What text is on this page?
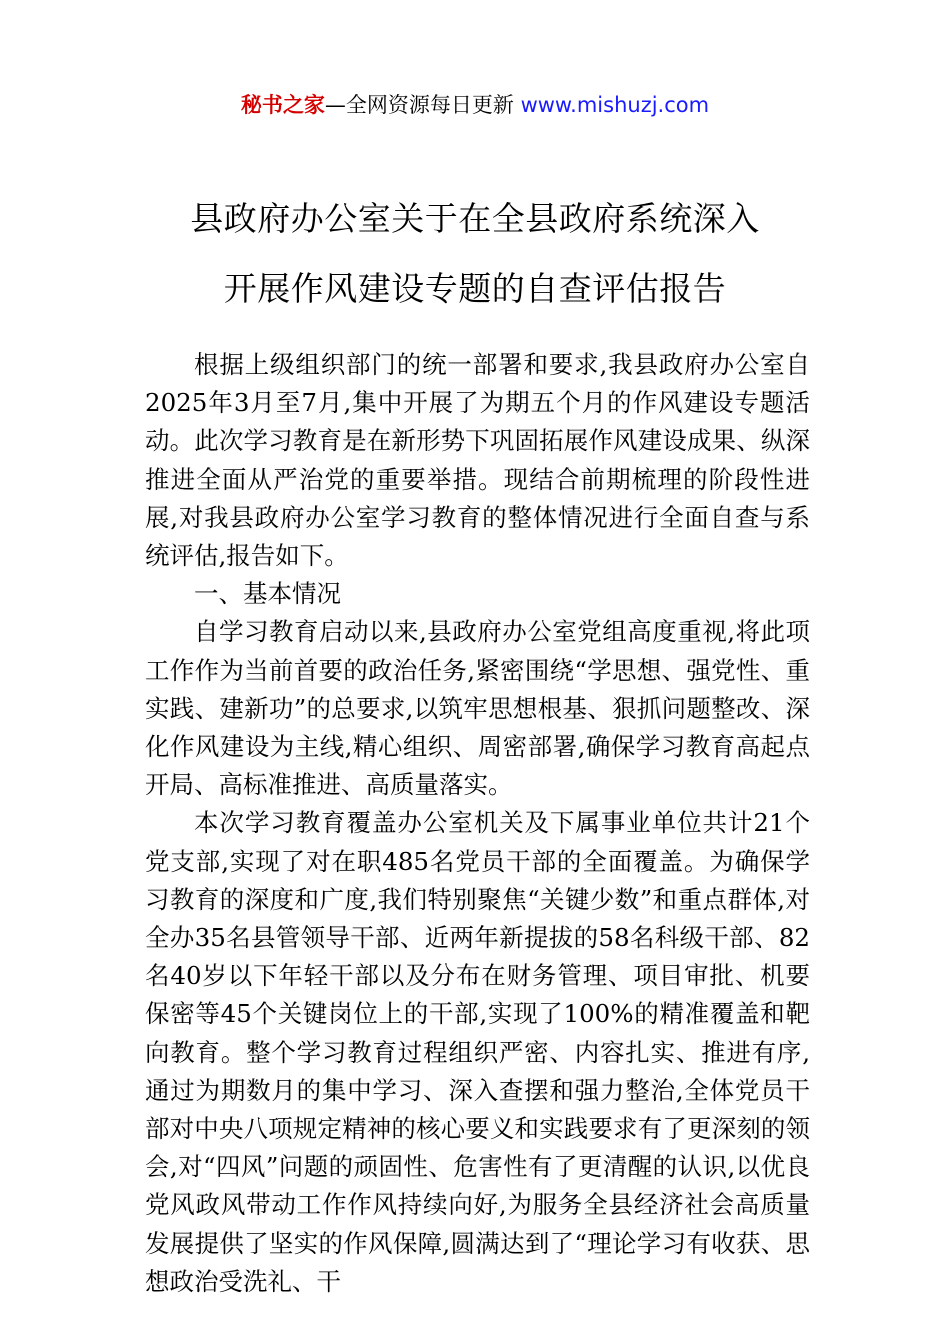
秘书之家—全网资源每日更新 www.mishuzj.com
县政府办公室关于在全县政府系统深入
开展作风建设专题的自查评估报告

根据上级组织部门的统一部署和要求,我县政府办公室自2025年3月至7月,集中开展了为期五个月的作风建设专题活动。此次学习教育是在新形势下巩固拓展作风建设成果、纵深推进全面从严治党的重要举措。现结合前期梳理的阶段性进展,对我县政府办公室学习教育的整体情况进行全面自查与系统评估,报告如下。

一、基本情况

自学习教育启动以来,县政府办公室党组高度重视,将此项工作作为当前首要的政治任务,紧密围绕“学思想、强党性、重实践、建新功”的总要求,以筑牢思想根基、狠抓问题整改、深化作风建设为主线,精心组织、周密部署,确保学习教育高起点开局、高标准推进、高质量落实。

本次学习教育覆盖办公室机关及下属事业单位共计21个党支部,实现了对在职485名党员干部的全面覆盖。为确保学习教育的深度和广度,我们特别聚焦“关键少数”和重点群体,对全办35名县管领导干部、近两年新提拔的58名科级干部、82名40岁以下年轻干部以及分布在财务管理、项目审批、机要保密等45个关键岗位上的干部,实现了100%的精准覆盖和靶向教育。整个学习教育过程组织严密、内容扎实、推进有序,通过为期数月的集中学习、深入查摆和强力整治,全体党员干部对中央八项规定精神的核心要义和实践要求有了更深刻的领会,对“四风”问题的顽固性、危害性有了更清醒的认识,以优良党风政风带动工作作风持续向好,为服务全县经济社会高质量发展提供了坚实的作风保障,圆满达到了“理论学习有收获、思想政治受洗礼、干
